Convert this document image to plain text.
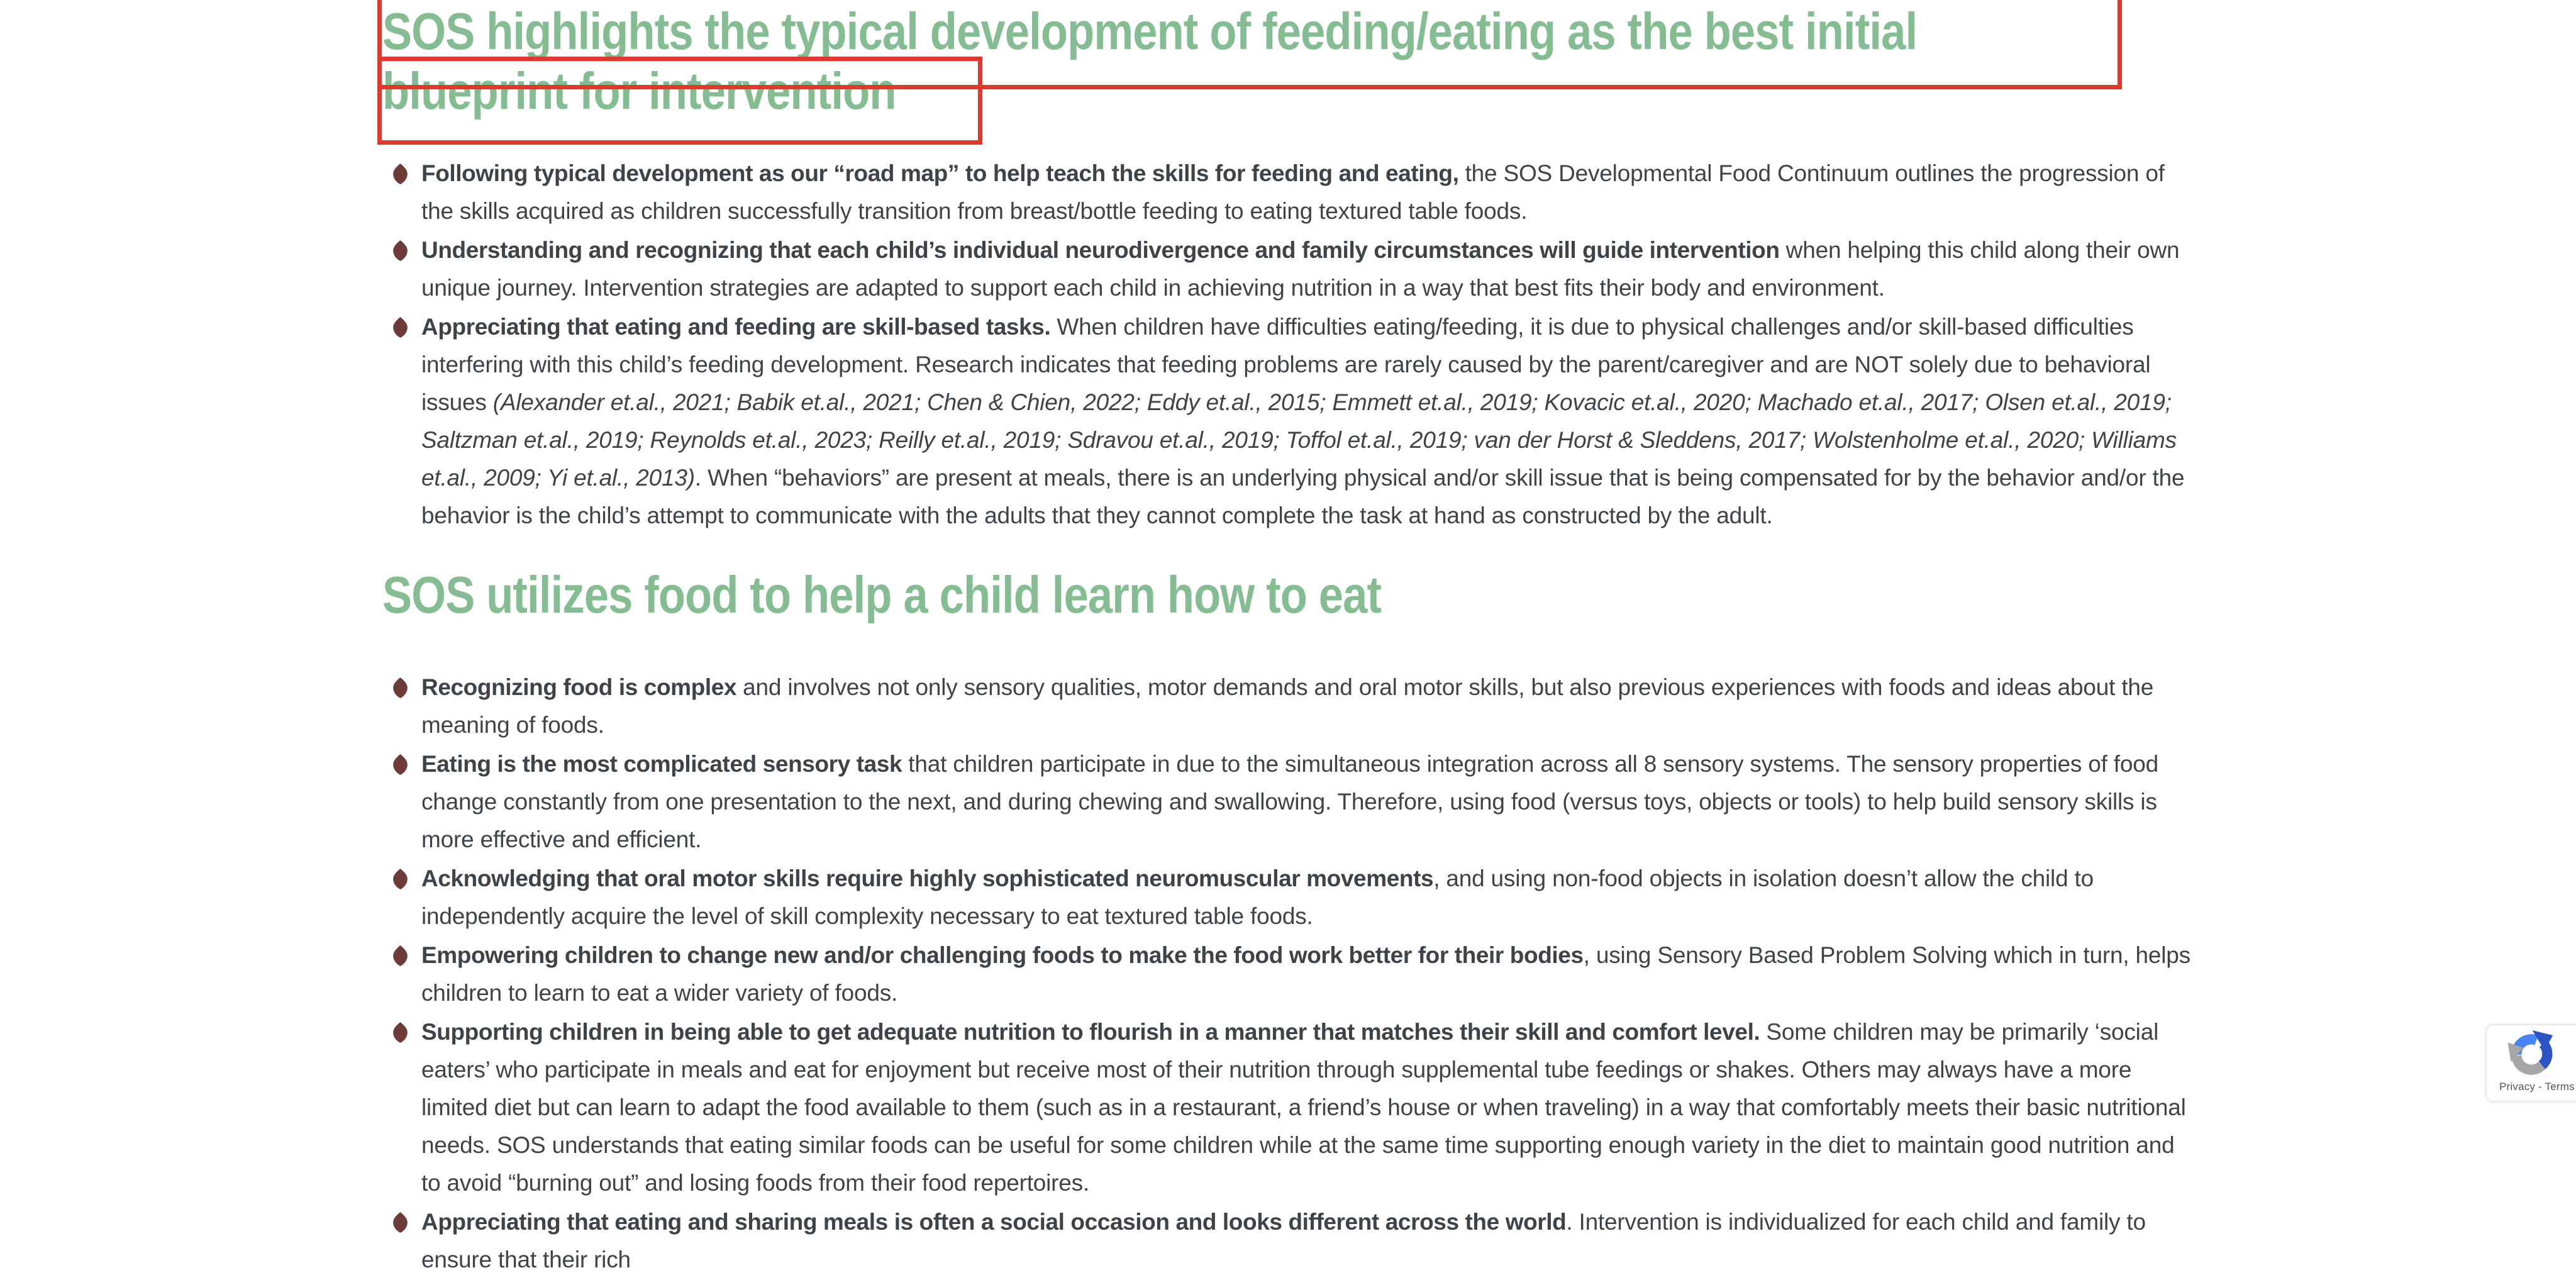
SOS highlights the typical development of feeding/eating as the best initial
blueprint for intervention
Following typical development as our “road map” to help teach the skills for feeding and eating, the SOS Developmental Food Continuum outlines the progression of the skills acquired as children successfully transition from breast/bottle feeding to eating textured table foods.
Understanding and recognizing that each child’s individual neurodivergence and family circumstances will guide intervention when helping this child along their own unique journey. Intervention strategies are adapted to support each child in achieving nutrition in a way that best fits their body and environment.
Appreciating that eating and feeding are skill-based tasks. When children have difficulties eating/feeding, it is due to physical challenges and/or skill-based difficulties interfering with this child’s feeding development. Research indicates that feeding problems are rarely caused by the parent/caregiver and are NOT solely due to behavioral issues (Alexander et.al., 2021; Babik et.al., 2021; Chen & Chien, 2022; Eddy et.al., 2015; Emmett et.al., 2019; Kovacic et.al., 2020; Machado et.al., 2017; Olsen et.al., 2019; Saltzman et.al., 2019; Reynolds et.al., 2023; Reilly et.al., 2019; Sdravou et.al., 2019; Toffol et.al., 2019; van der Horst & Sleddens, 2017; Wolstenholme et.al., 2020; Williams et.al., 2009; Yi et.al., 2013). When “behaviors” are present at meals, there is an underlying physical and/or skill issue that is being compensated for by the behavior and/or the behavior is the child’s attempt to communicate with the adults that they cannot complete the task at hand as constructed by the adult.
SOS utilizes food to help a child learn how to eat
Recognizing food is complex and involves not only sensory qualities, motor demands and oral motor skills, but also previous experiences with foods and ideas about the meaning of foods.
Eating is the most complicated sensory task that children participate in due to the simultaneous integration across all 8 sensory systems. The sensory properties of food change constantly from one presentation to the next, and during chewing and swallowing. Therefore, using food (versus toys, objects or tools) to help build sensory skills is more effective and efficient.
Acknowledging that oral motor skills require highly sophisticated neuromuscular movements, and using non-food objects in isolation doesn’t allow the child to independently acquire the level of skill complexity necessary to eat textured table foods.
Empowering children to change new and/or challenging foods to make the food work better for their bodies, using Sensory Based Problem Solving which in turn, helps children to learn to eat a wider variety of foods.
Supporting children in being able to get adequate nutrition to flourish in a manner that matches their skill and comfort level. Some children may be primarily ‘social eaters’ who participate in meals and eat for enjoyment but receive most of their nutrition through supplemental tube feedings or shakes. Others may always have a more limited diet but can learn to adapt the food available to them (such as in a restaurant, a friend’s house or when traveling) in a way that comfortably meets their basic nutritional needs. SOS understands that eating similar foods can be useful for some children while at the same time supporting enough variety in the diet to maintain good nutrition and to avoid “burning out” and losing foods from their food repertoires.
Appreciating that eating and sharing meals is often a social occasion and looks different across the world. Intervention is individualized for each child and family to ensure that their rich
Privacy - Terms
